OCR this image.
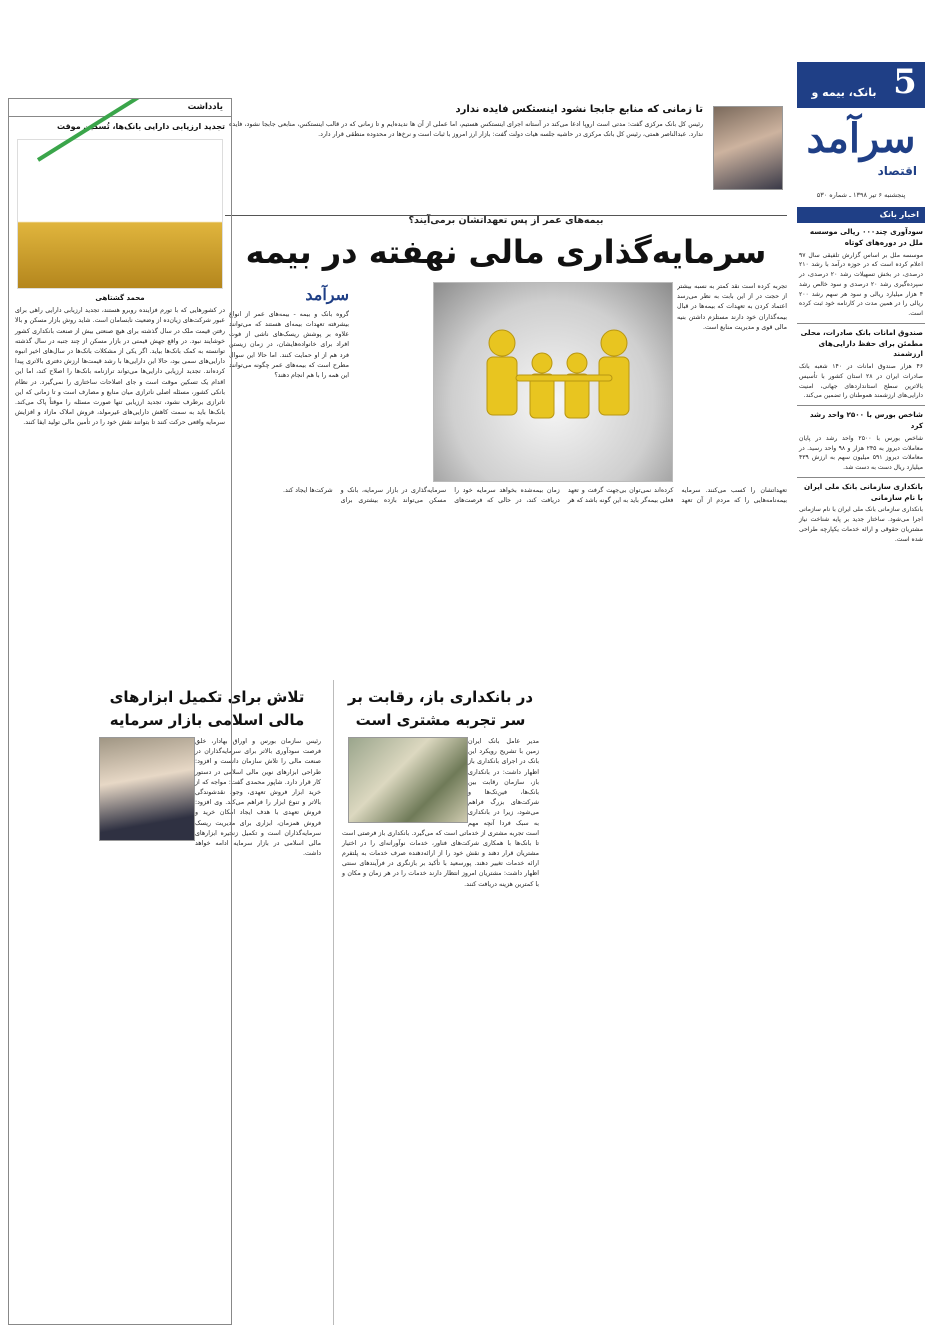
5
بانک، بیمه و بورس
سرآمد
اقتصاد
پنجشنبه ۶ تیر ۱۳۹۸ ـ شماره ۵۳۰
اخبار بانک
سودآوری چند۰۰۰ ریالی موسسه ملل در دوره‌های کوتاه
موسسه ملل بر اساس گزارش تلفیقی سال ۹۷ اعلام کرده است که در حوزه درآمد با رشد ۲۱۰ درصدی، در بخش تسهیلات رشد ۲۰ درصدی، در سپرده‌گیری رشد ۲۰ درصدی و سود خالص رشد ۴ هزار میلیارد ریالی و سود هر سهم رشد ۲۰۰ ریالی را در همین مدت در کارنامه خود ثبت کرده است.
صندوق امانات بانک صادرات، محلی مطمئن برای حفظ دارایی‌های ارزشمند
۴۶ هزار صندوق امانات در ۱۴۰ شعبه بانک صادرات ایران در ۲۸ استان کشور با تأسیس بالاترین سطح استانداردهای جهانی، امنیت دارایی‌های ارزشمند هموطنان را تضمین می‌کند.
شاخص بورس با ۲۵۰۰ واحد رشد کرد
شاخص بورس با ۲۵۰۰ واحد رشد در پایان معاملات دیروز به ۲۴۵ هزار و ۹۸ واحد رسید. در معاملات دیروز ۵۹۱ میلیون سهم به ارزش ۴۳۹ میلیارد ریال دست به دست شد.
بانکداری سازمانی بانک ملی ایران با نام سازمانی
بانکداری سازمانی بانک ملی ایران با نام سازمانی اجرا می‌شود. ساختار جدید بر پایه شناخت نیاز مشتریان حقوقی و ارائه خدمات یکپارچه طراحی شده است.
تا زمانی که منابع جابجا نشود اینستکس فایده ندارد
رئیس کل بانک مرکزی گفت: مدتی است اروپا ادعا می‌کند در آستانه اجرای اینستکس هستیم، اما عملی از آن ها ندیده‌ایم و تا زمانی که در قالب اینستکس، منابعی جابجا نشود، فایده ندارد. عبدالناصر همتی، رئیس کل بانک مرکزی در حاشیه جلسه هیات دولت گفت: بازار ارز امروز با ثبات است و نرخ‌ها در محدوده منطقی قرار دارد.
بیمه‌های عمر از پس تعهداتشان برمی‌آیند؟
سرمایه‌گذاری مالی نهفته در بیمه

سرآمد

گروه بانک و بیمه - بیمه‌های عمر از انواع بیشرفته تعهدات بیمه‌ای هستند که می‌توانند علاوه بر پوشش ریسک‌های ناشی از فوت افراد برای خانواده‌هایشان، در زمان زیستن فرد هم از او حمایت کنند. اما حالا این سوال مطرح است که بیمه‌های عمر چگونه می‌توانند این همه را با هم انجام دهند؟

تجربه کرده است نقد کمتر به نسبه بیشتر از حجت در از این بابت به نظر می‌رسد اعتماد کردن به تعهدات که بیمه‌ها در قبال بیمه‌گذاران خود دارند مستلزم داشتن بنیه مالی قوی و مدیریت منابع است.

تعهداتشان را کسب می‌کنند. سرمایه بیمه‌نامه‌هایی را که مردم از آن تعهد کرده‌اند نمی‌توان بی‌جهت گرفت و تعهد فعلی بیمه‌گر باید به این گونه باشد که هر زمان بیمه‌شده بخواهد سرمایه خود را دریافت کند، در حالی که فرصت‌های سرمایه‌گذاری در بازار سرمایه، بانک و مسکن می‌تواند بازده بیشتری برای شرکت‌ها ایجاد کند.

در بانکداری باز، رقابت بر سر تجربه مشتری است
مدیر عامل بانک ایران زمین با تشریح رویکرد این بانک در اجرای بانکداری باز اظهار داشت: در بانکداری باز، سازمان رقابت بین بانک‌ها، فین‌تک‌ها و شرکت‌های بزرگ فراهم می‌شود، زیرا در بانکداری به سبک فردا آنچه مهم است تجربه مشتری از خدماتی است که می‌گیرد. بانکداری باز فرصتی است تا بانک‌ها با همکاری شرکت‌های فناور، خدمات نوآورانه‌ای را در اختیار مشتریان قرار دهند و نقش خود را از ارائه‌دهنده صرف خدمات به پلتفرم ارائه خدمات تغییر دهند. پورسعید با تأکید بر بازنگری در فرآیندهای سنتی اظهار داشت: مشتریان امروز انتظار دارند خدمات را در هر زمان و مکان و با کمترین هزینه دریافت کنند.
تلاش برای تکمیل ابزارهای مالی اسلامی بازار سرمایه
رئیس سازمان بورس و اوراق بهادار، خلق فرصت سودآوری بالاتر برای سرمایه‌گذاران در صنعت مالی را تلاش سازمان دانست و افزود: طراحی ابزارهای نوین مالی اسلامی در دستور کار قرار دارد. شاپور محمدی گفت: مواجه که از خرید ابزار فروش تعهدی، وجود نقدشوندگی بالاتر و تنوع ابزار را فراهم می‌کند. وی افزود: فروش تعهدی با هدف ایجاد امکان خرید و فروش همزمان، ابزاری برای مدیریت ریسک سرمایه‌گذاران است و تکمیل زنجیره ابزارهای مالی اسلامی در بازار سرمایه ادامه خواهد داشت.
یادداشت
تجدید ارزیابی دارایی بانک‌ها، تُسکین موقت
محمد گشتاهی
در کشورهایی که با تورم فزاینده روبرو هستند، تجدید ارزیابی دارایی راهی برای عبور شرکت‌های زیان‌ده از وضعیت نابسامان است. شاید روش بازار مسکن و بالا رفتن قیمت ملک در سال گذشته برای هیچ صنعتی بیش از صنعت بانکداری کشور خوشایند نبود. در واقع جهش قیمتی در بازار مسکن از چند جنبه در سال گذشته توانسته به کمک بانک‌ها بیاید. اگر یکی از مشکلات بانک‌ها در سال‌های اخیر انبوه دارایی‌های سمی بود، حالا این دارایی‌ها با رشد قیمت‌ها ارزش دفتری بالاتری پیدا کرده‌اند. تجدید ارزیابی دارایی‌ها می‌تواند ترازنامه بانک‌ها را اصلاح کند، اما این اقدام یک تسکین موقت است و جای اصلاحات ساختاری را نمی‌گیرد. در نظام بانکی کشور، مسئله اصلی ناترازی میان منابع و مصارف است و تا زمانی که این ناترازی برطرف نشود، تجدید ارزیابی تنها صورت مسئله را موقتاً پاک می‌کند. بانک‌ها باید به سمت کاهش دارایی‌های غیرمولد، فروش املاک مازاد و افزایش سرمایه واقعی حرکت کنند تا بتوانند نقش خود را در تأمین مالی تولید ایفا کنند.
